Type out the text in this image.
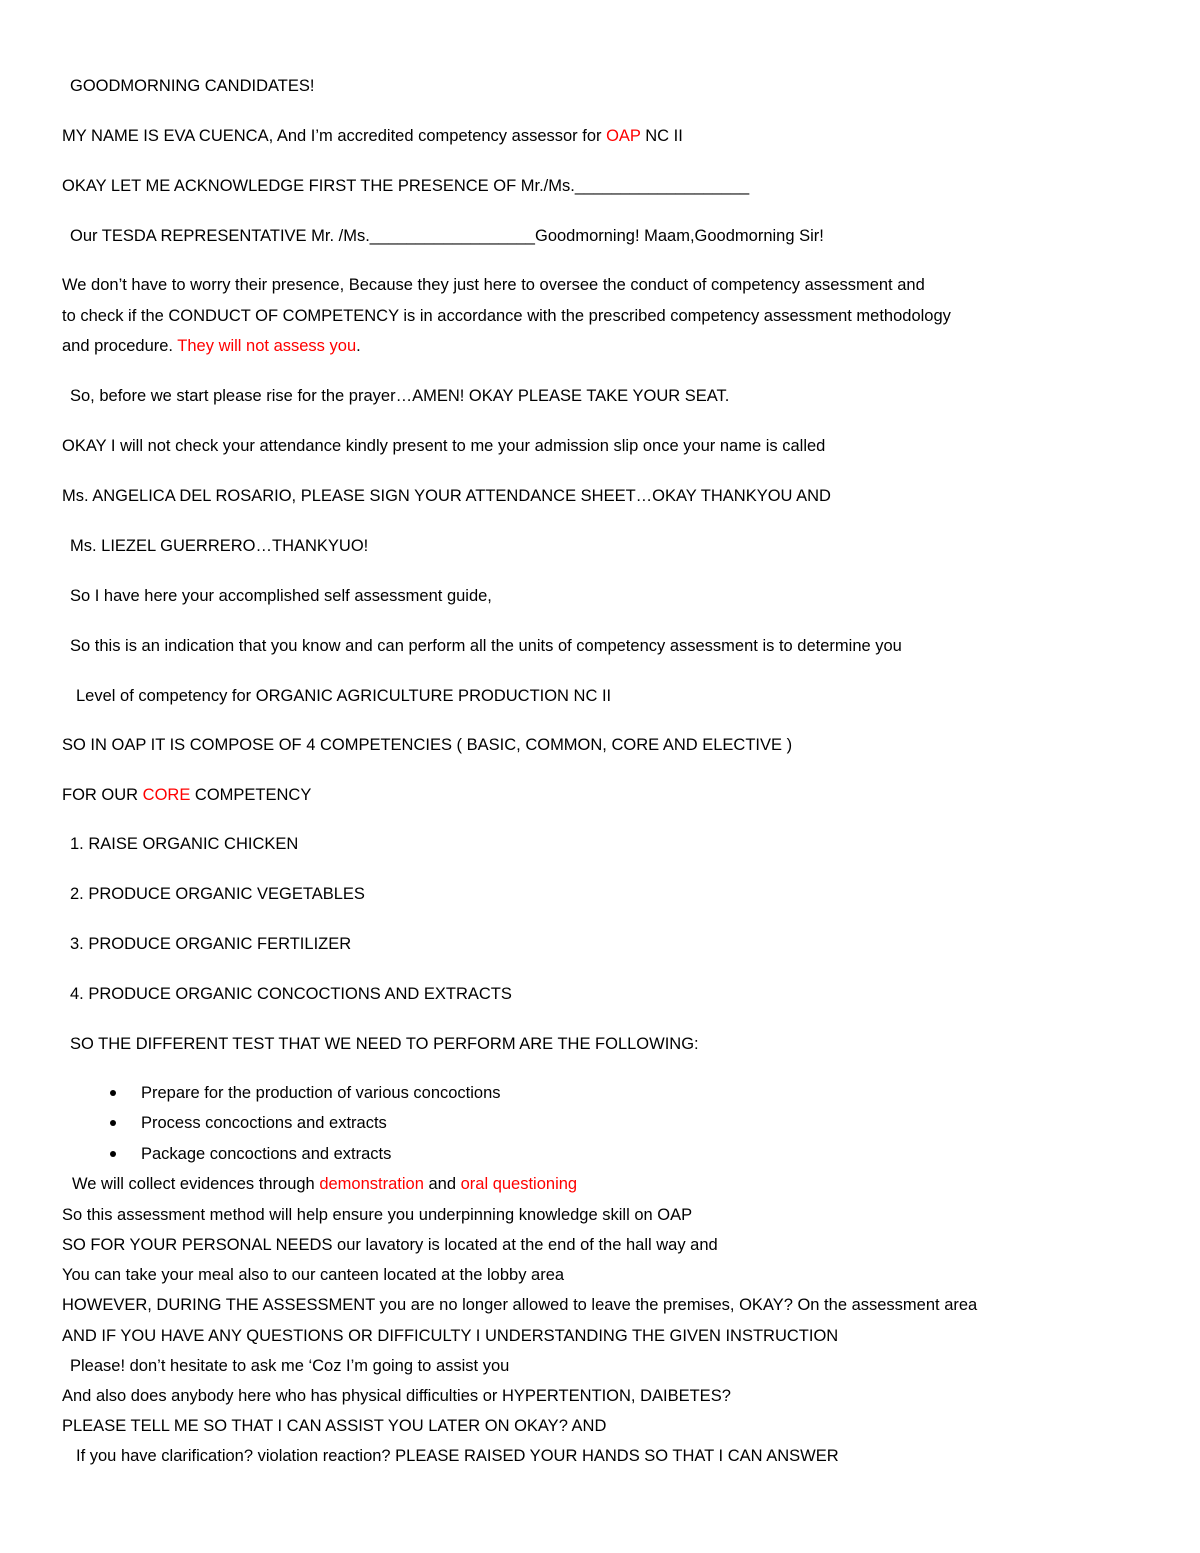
GOODMORNING CANDIDATES!
MY NAME IS EVA CUENCA, And I’m accredited competency assessor for OAP NC II
OKAY LET ME ACKNOWLEDGE FIRST THE PRESENCE OF Mr./Ms.___________________
Our TESDA REPRESENTATIVE Mr. /Ms.__________________Goodmorning! Maam,Goodmorning Sir!
We don’t have to worry their presence, Because they just here to oversee the conduct of competency assessment and
to check if the CONDUCT OF COMPETENCY is in accordance with the prescribed competency assessment methodology
and procedure. They will not assess you.
So, before we start please rise for the prayer…AMEN! OKAY PLEASE TAKE YOUR SEAT.
OKAY I will not check your attendance kindly present to me your admission slip once your name is called
Ms. ANGELICA DEL ROSARIO, PLEASE SIGN YOUR ATTENDANCE SHEET…OKAY THANKYOU AND
Ms. LIEZEL GUERRERO…THANKYUO!
So I have here your accomplished self assessment guide,
So this is an indication that you know and can perform all the units of competency assessment is to determine you
Level of competency for ORGANIC AGRICULTURE PRODUCTION NC II
SO IN OAP IT IS COMPOSE OF 4 COMPETENCIES ( BASIC, COMMON, CORE AND ELECTIVE )
FOR OUR CORE COMPETENCY
1. RAISE ORGANIC CHICKEN
2. PRODUCE ORGANIC VEGETABLES
3. PRODUCE ORGANIC FERTILIZER
4. PRODUCE ORGANIC CONCOCTIONS AND EXTRACTS
SO THE DIFFERENT TEST THAT WE NEED TO PERFORM ARE THE FOLLOWING:
Prepare for the production of various concoctions
Process concoctions and extracts
Package concoctions and extracts
We will collect evidences through demonstration and oral questioning
So this assessment method will help ensure you underpinning knowledge skill on OAP
SO FOR YOUR PERSONAL NEEDS our lavatory is located at the end of the hall way and
You can take your meal also to our canteen located at the lobby area
HOWEVER, DURING THE ASSESSMENT you are no longer allowed to leave the premises, OKAY? On the assessment area
AND IF YOU HAVE ANY QUESTIONS OR DIFFICULTY I UNDERSTANDING THE GIVEN INSTRUCTION
Please! don’t hesitate to ask me ‘Coz I’m going to assist you
And also does anybody here who has physical difficulties or HYPERTENTION, DAIBETES?
PLEASE TELL ME SO THAT I CAN ASSIST YOU LATER ON OKAY? AND
If you have clarification? violation reaction? PLEASE RAISED YOUR HANDS SO THAT I CAN ANSWER
